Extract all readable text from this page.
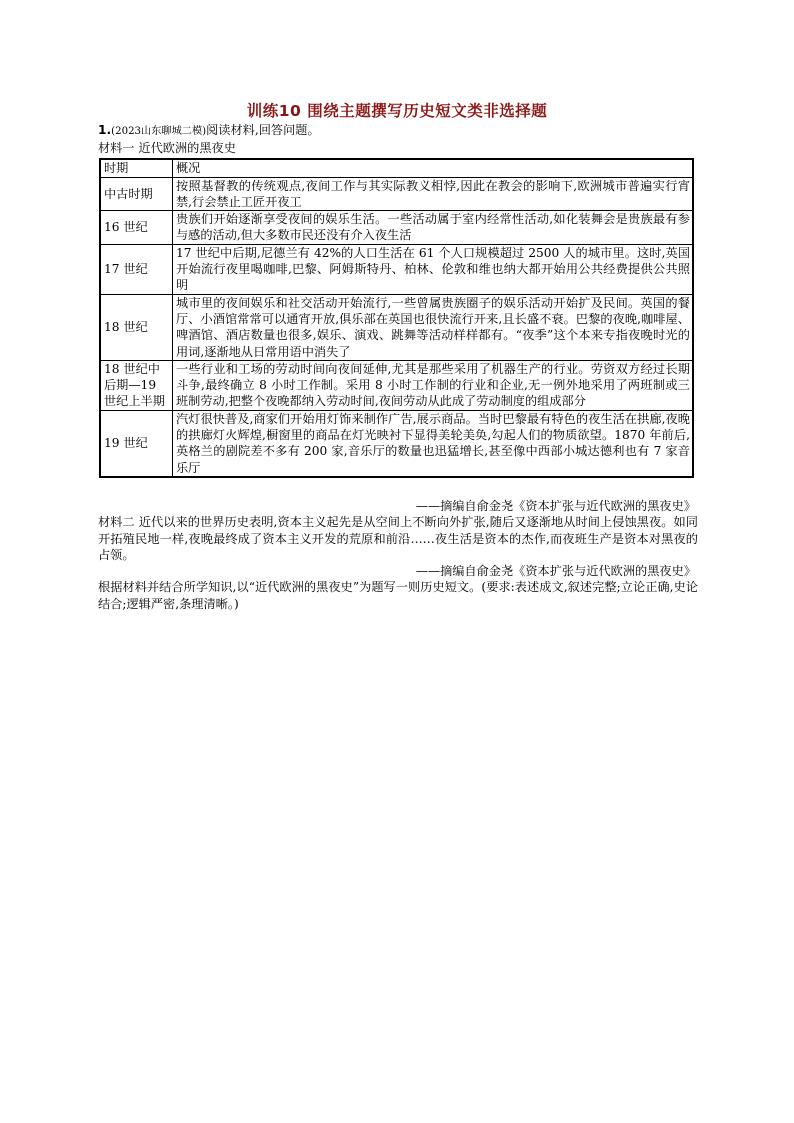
训练10 围绕主题撰写历史短文类非选择题
1.(2023山东聊城二模)阅读材料,回答问题。
材料一 近代欧洲的黑夜史
时期	概况
中古时期	按照基督教的传统观点,夜间工作与其实际教义相悖,因此在教会的影响下,欧洲城市普遍实行宵禁,行会禁止工匠开夜工
16 世纪	贵族们开始逐渐享受夜间的娱乐生活。一些活动属于室内经常性活动,如化装舞会是贵族最有参与感的活动,但大多数市民还没有介入夜生活
17 世纪	17 世纪中后期,尼德兰有 42%的人口生活在 61 个人口规模超过 2500 人的城市里。这时,英国开始流行夜里喝咖啡,巴黎、阿姆斯特丹、柏林、伦敦和维也纳大都开始用公共经费提供公共照明
18 世纪	城市里的夜间娱乐和社交活动开始流行,一些曾属贵族圈子的娱乐活动开始扩及民间。英国的餐厅、小酒馆常常可以通宵开放,俱乐部在英国也很快流行开来,且长盛不衰。巴黎的夜晚,咖啡屋、啤酒馆、酒店数量也很多,娱乐、演戏、跳舞等活动样样都有。“夜季”这个本来专指夜晚时光的用词,逐渐地从日常用语中消失了
18 世纪中后期—19 世纪上半期	一些行业和工场的劳动时间向夜间延伸,尤其是那些采用了机器生产的行业。劳资双方经过长期斗争,最终确立 8 小时工作制。采用 8 小时工作制的行业和企业,无一例外地采用了两班制或三班制劳动,把整个夜晚都纳入劳动时间,夜间劳动从此成了劳动制度的组成部分
19 世纪	汽灯很快普及,商家们开始用灯饰来制作广告,展示商品。当时巴黎最有特色的夜生活在拱廊,夜晚的拱廊灯火辉煌,橱窗里的商品在灯光映衬下显得美轮美奂,勾起人们的物质欲望。1870 年前后,英格兰的剧院差不多有 200 家,音乐厅的数量也迅猛增长,甚至像中西部小城达德利也有 7 家音乐厅
——摘编自俞金尧《资本扩张与近代欧洲的黑夜史》
材料二 近代以来的世界历史表明,资本主义起先是从空间上不断向外扩张,随后又逐渐地从时间上侵蚀黑夜。如同开拓殖民地一样,夜晚最终成了资本主义开发的荒原和前沿……夜生活是资本的杰作,而夜班生产是资本对黑夜的占领。
——摘编自俞金尧《资本扩张与近代欧洲的黑夜史》
根据材料并结合所学知识,以“近代欧洲的黑夜史”为题写一则历史短文。(要求:表述成文,叙述完整;立论正确,史论结合;逻辑严密,条理清晰。)
